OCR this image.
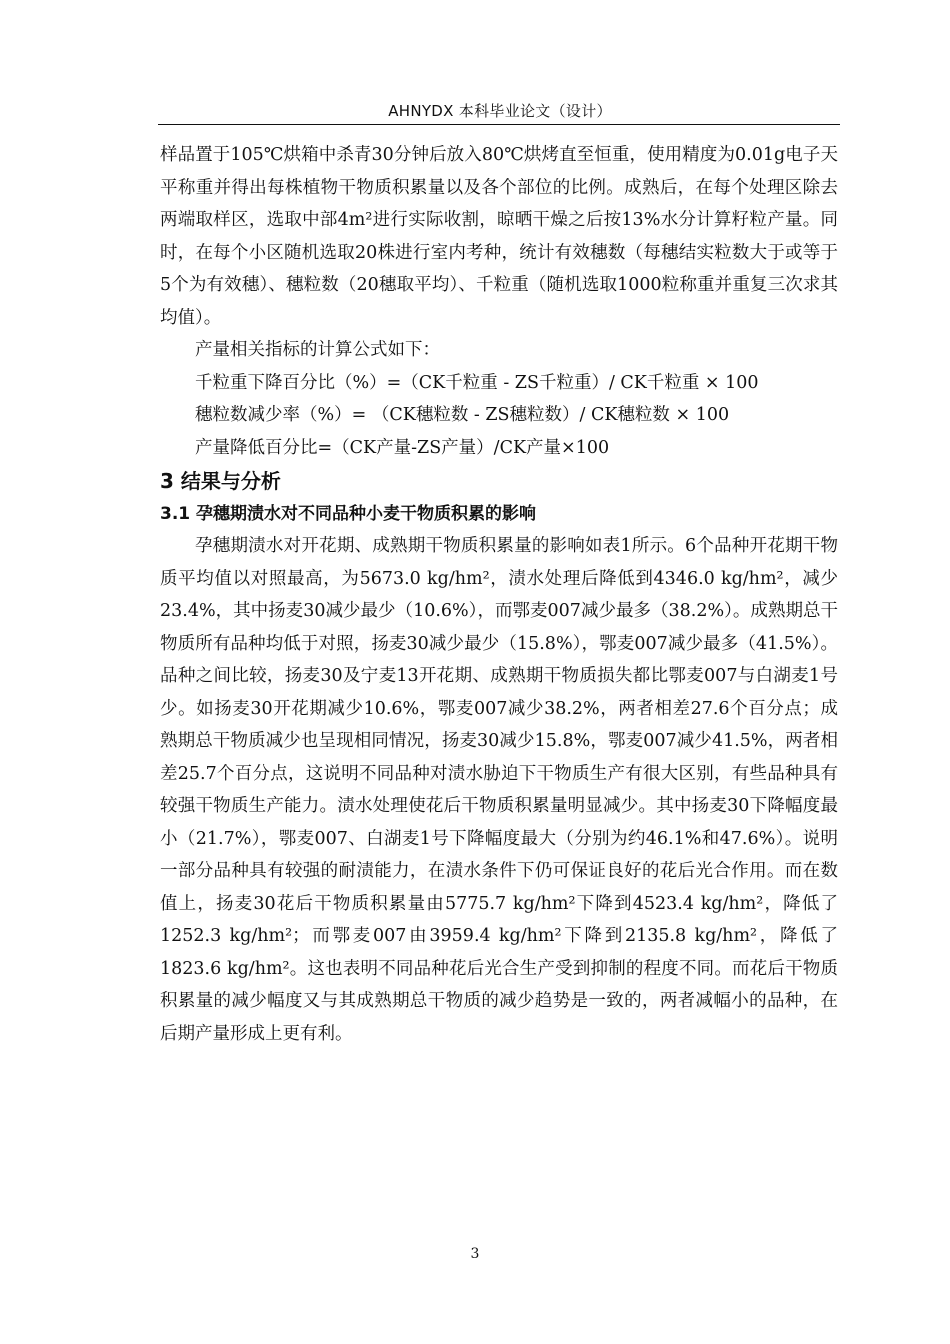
AHNYDX 本科毕业论文（设计）

样品置于105℃烘箱中杀青30分钟后放入80℃烘烤直至恒重，使用精度为0.01g电子天平称重并得出每株植物干物质积累量以及各个部位的比例。成熟后，在每个处理区除去两端取样区，选取中部4m²进行实际收割，晾晒干燥之后按13%水分计算籽粒产量。同时，在每个小区随机选取20株进行室内考种，统计有效穗数（每穗结实粒数大于或等于5个为有效穗）、穗粒数（20穗取平均）、千粒重（随机选取1000粒称重并重复三次求其均值）。

产量相关指标的计算公式如下：

千粒重下降百分比（%）=（CK千粒重 - ZS千粒重）/ CK千粒重 × 100

穗粒数减少率（%）= （CK穗粒数 - ZS穗粒数）/ CK穗粒数 × 100

产量降低百分比=（CK产量-ZS产量）/CK产量×100

3 结果与分析
3.1 孕穗期渍水对不同品种小麦干物质积累的影响

孕穗期渍水对开花期、成熟期干物质积累量的影响如表1所示。6个品种开花期干物质平均值以对照最高，为5673.0 kg/hm²，渍水处理后降低到4346.0 kg/hm²，减少23.4%，其中扬麦30减少最少（10.6%），而鄂麦007减少最多（38.2%）。成熟期总干物质所有品种均低于对照，扬麦30减少最少（15.8%），鄂麦007减少最多（41.5%）。品种之间比较，扬麦30及宁麦13开花期、成熟期干物质损失都比鄂麦007与白湖麦1号少。如扬麦30开花期减少10.6%，鄂麦007减少38.2%，两者相差27.6个百分点；成熟期总干物质减少也呈现相同情况，扬麦30减少15.8%，鄂麦007减少41.5%，两者相差25.7个百分点，这说明不同品种对渍水胁迫下干物质生产有很大区别，有些品种具有较强干物质生产能力。渍水处理使花后干物质积累量明显减少。其中扬麦30下降幅度最小（21.7%），鄂麦007、白湖麦1号下降幅度最大（分别为约46.1%和47.6%）。说明一部分品种具有较强的耐渍能力，在渍水条件下仍可保证良好的花后光合作用。而在数值上，扬麦30花后干物质积累量由5775.7 kg/hm²下降到4523.4 kg/hm²，降低了1252.3 kg/hm²；而鄂麦007由3959.4 kg/hm²下降到2135.8 kg/hm²，降低了1823.6 kg/hm²。这也表明不同品种花后光合生产受到抑制的程度不同。而花后干物质积累量的减少幅度又与其成熟期总干物质的减少趋势是一致的，两者减幅小的品种，在后期产量形成上更有利。

3
